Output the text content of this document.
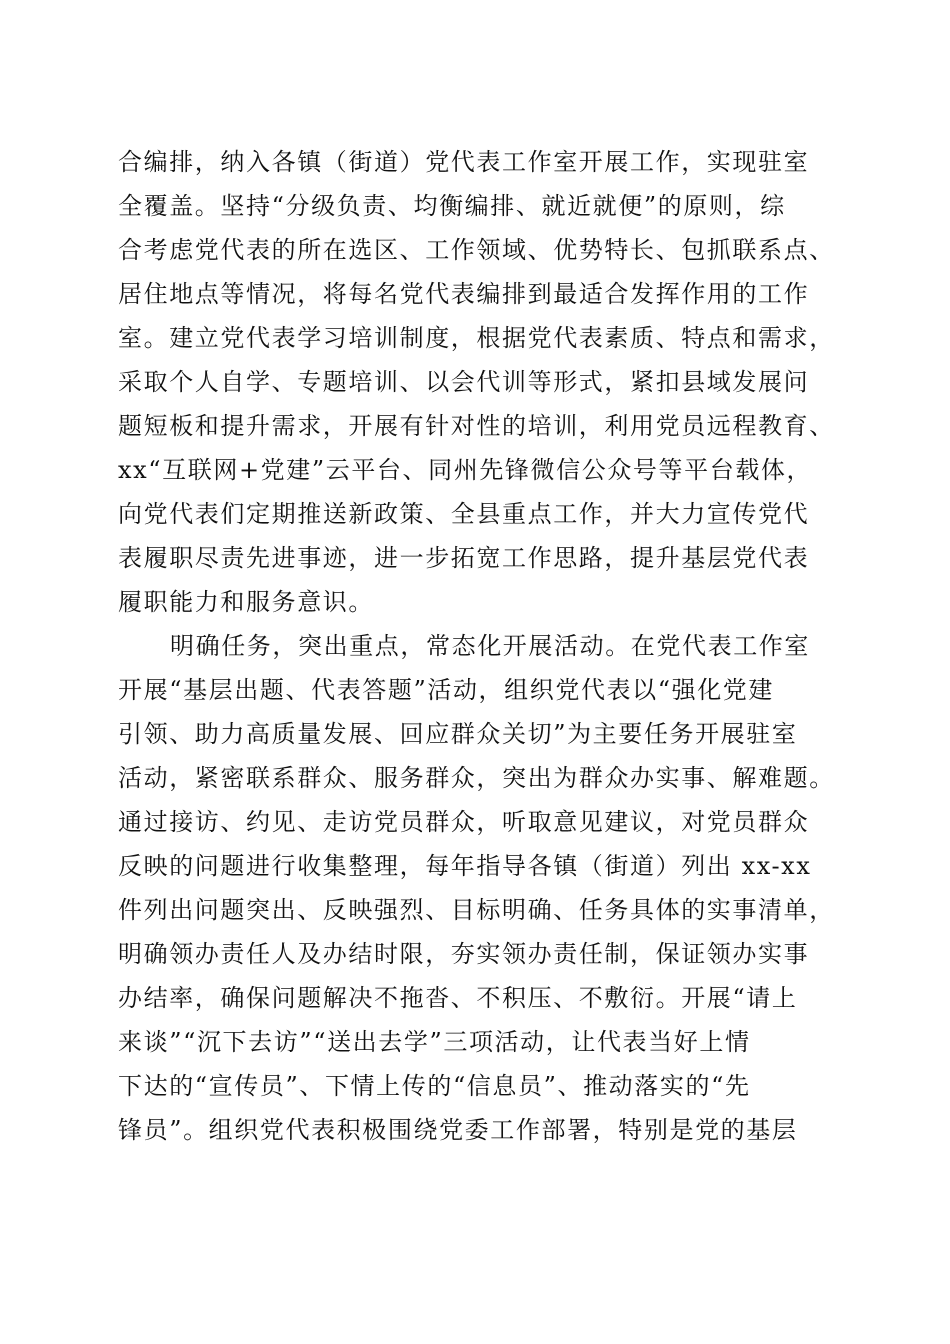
合编排，纳入各镇（街道）党代表工作室开展工作，实现驻室

全覆盖。坚持“分级负责、均衡编排、就近就便”的原则，综

合考虑党代表的所在选区、工作领域、优势特长、包抓联系点、

居住地点等情况，将每名党代表编排到最适合发挥作用的工作

室。建立党代表学习培训制度，根据党代表素质、特点和需求，

采取个人自学、专题培训、以会代训等形式，紧扣县域发展问

题短板和提升需求，开展有针对性的培训，利用党员远程教育、

xx“互联网+党建”云平台、同州先锋微信公众号等平台载体，

向党代表们定期推送新政策、全县重点工作，并大力宣传党代

表履职尽责先进事迹，进一步拓宽工作思路，提升基层党代表

履职能力和服务意识。

明确任务，突出重点，常态化开展活动。在党代表工作室

开展“基层出题、代表答题”活动，组织党代表以“强化党建

引领、助力高质量发展、回应群众关切”为主要任务开展驻室

活动，紧密联系群众、服务群众，突出为群众办实事、解难题。

通过接访、约见、走访党员群众，听取意见建议，对党员群众

反映的问题进行收集整理，每年指导各镇（街道）列出 xx-xx

件列出问题突出、反映强烈、目标明确、任务具体的实事清单，

明确领办责任人及办结时限，夯实领办责任制，保证领办实事

办结率，确保问题解决不拖沓、不积压、不敷衍。开展“请上

来谈”“沉下去访”“送出去学”三项活动，让代表当好上情

下达的“宣传员”、下情上传的“信息员”、推动落实的“先

锋员”。组织党代表积极围绕党委工作部署，特别是党的基层
